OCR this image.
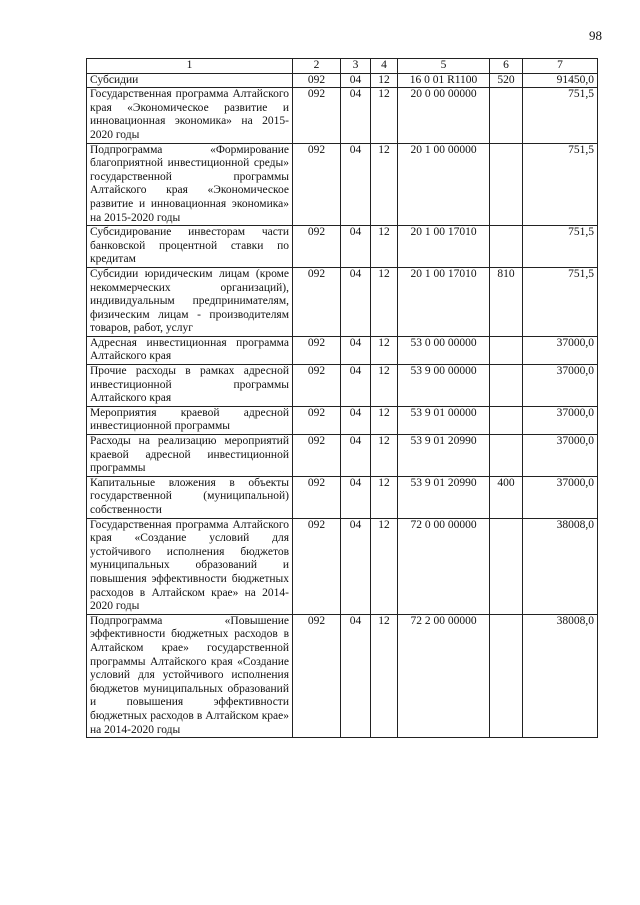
98
1	2	3	4	5	6	7
Субсидии	092	04	12	16 0 01 R1100	520	91450,0
Государственная программа Алтайского края «Экономическое развитие и инновационная экономика» на 2015-2020 годы	092	04	12	20 0 00 00000		751,5
Подпрограмма «Формирование благоприятной инвестиционной среды» государственной программы Алтайского края «Экономическое развитие и инновационная экономика» на 2015-2020 годы	092	04	12	20 1 00 00000		751,5
Субсидирование инвесторам части банковской процентной ставки по кредитам	092	04	12	20 1 00 17010		751,5
Субсидии юридическим лицам (кроме некоммерческих организаций), индивидуальным предпринимателям, физическим лицам - производителям товаров, работ, услуг	092	04	12	20 1 00 17010	810	751,5
Адресная инвестиционная программа Алтайского края	092	04	12	53 0 00 00000		37000,0
Прочие расходы в рамках адресной инвестиционной программы Алтайского края	092	04	12	53 9 00 00000		37000,0
Мероприятия краевой адресной инвестиционной программы	092	04	12	53 9 01 00000		37000,0
Расходы на реализацию мероприятий краевой адресной инвестиционной программы	092	04	12	53 9 01 20990		37000,0
Капитальные вложения в объекты государственной (муниципальной) собственности	092	04	12	53 9 01 20990	400	37000,0
Государственная программа Алтайского края «Создание условий для устойчивого исполнения бюджетов муниципальных образований и повышения эффективности бюджетных расходов в Алтайском крае» на 2014-2020 годы	092	04	12	72 0 00 00000		38008,0
Подпрограмма «Повышение эффективности бюджетных расходов в Алтайском крае» государственной программы Алтайского края «Создание условий для устойчивого исполнения бюджетов муниципальных образований и повышения эффективности бюджетных расходов в Алтайском крае» на 2014-2020 годы	092	04	12	72 2 00 00000		38008,0
